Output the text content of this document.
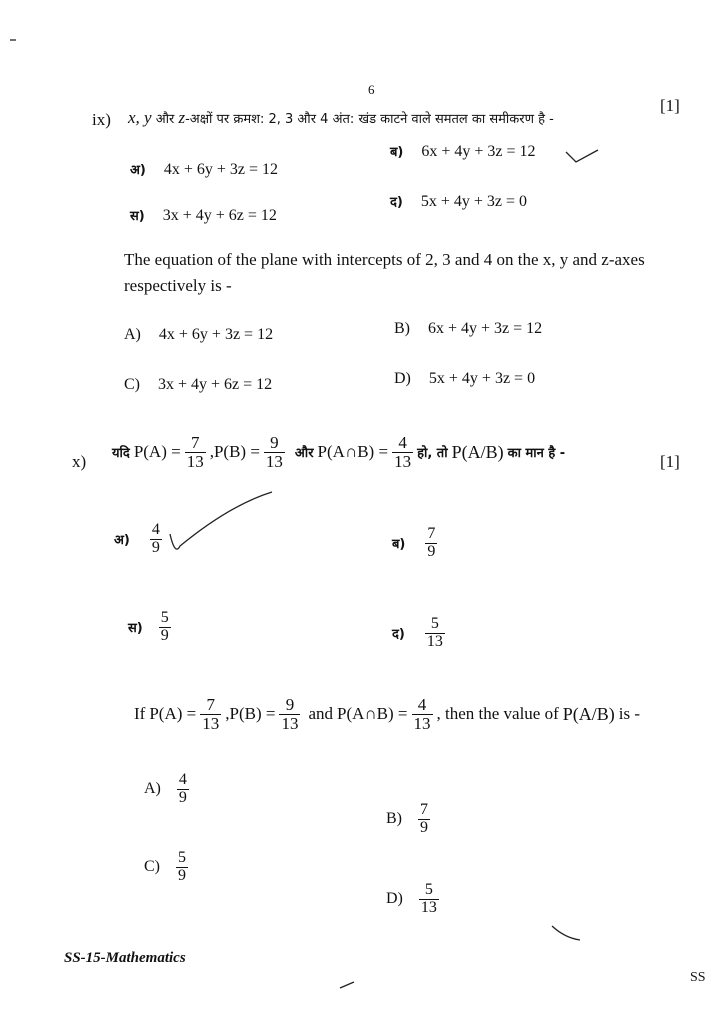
6
ix) x, y और z-अक्षों पर क्रमश: 2, 3 और 4 अंत: खंड काटने वाले समतल का समीकरण है -
[1]
अ) 4x + 6y + 3z = 12
ब) 6x + 4y + 3z = 12
स) 3x + 4y + 6z = 12
द) 5x + 4y + 3z = 0
The equation of the plane with intercepts of 2, 3 and 4 on the x, y and z-axes
respectively is -
A) 4x + 6y + 3z = 12	B) 6x + 4y + 3z = 12
C) 3x + 4y + 6z = 12	D) 5x + 4y + 3z = 0
x) यदि $P(A) = \frac{7}{13} ,P(B) = \frac{9}{13}$ और P(A∩B) = $\frac{4}{13}$ हो, तो P(A/B) का मान है -	[1]
अ) $\frac{4}{9}$	ब) $\frac{7}{9}$
स) $\frac{5}{9}$	द) $\frac{5}{13}$
If $P(A) = \frac{7}{13} ,P(B) = \frac{9}{13}$ and P(A∩B) = $\frac{4}{13}$ , then the value of P(A/B) is -
$A) \frac{4}{9}$
$B) \frac{7}{9}$
$C) \frac{5}{9}$
$D) \frac{5}{13}$
SS-15-Mathematics
SS
